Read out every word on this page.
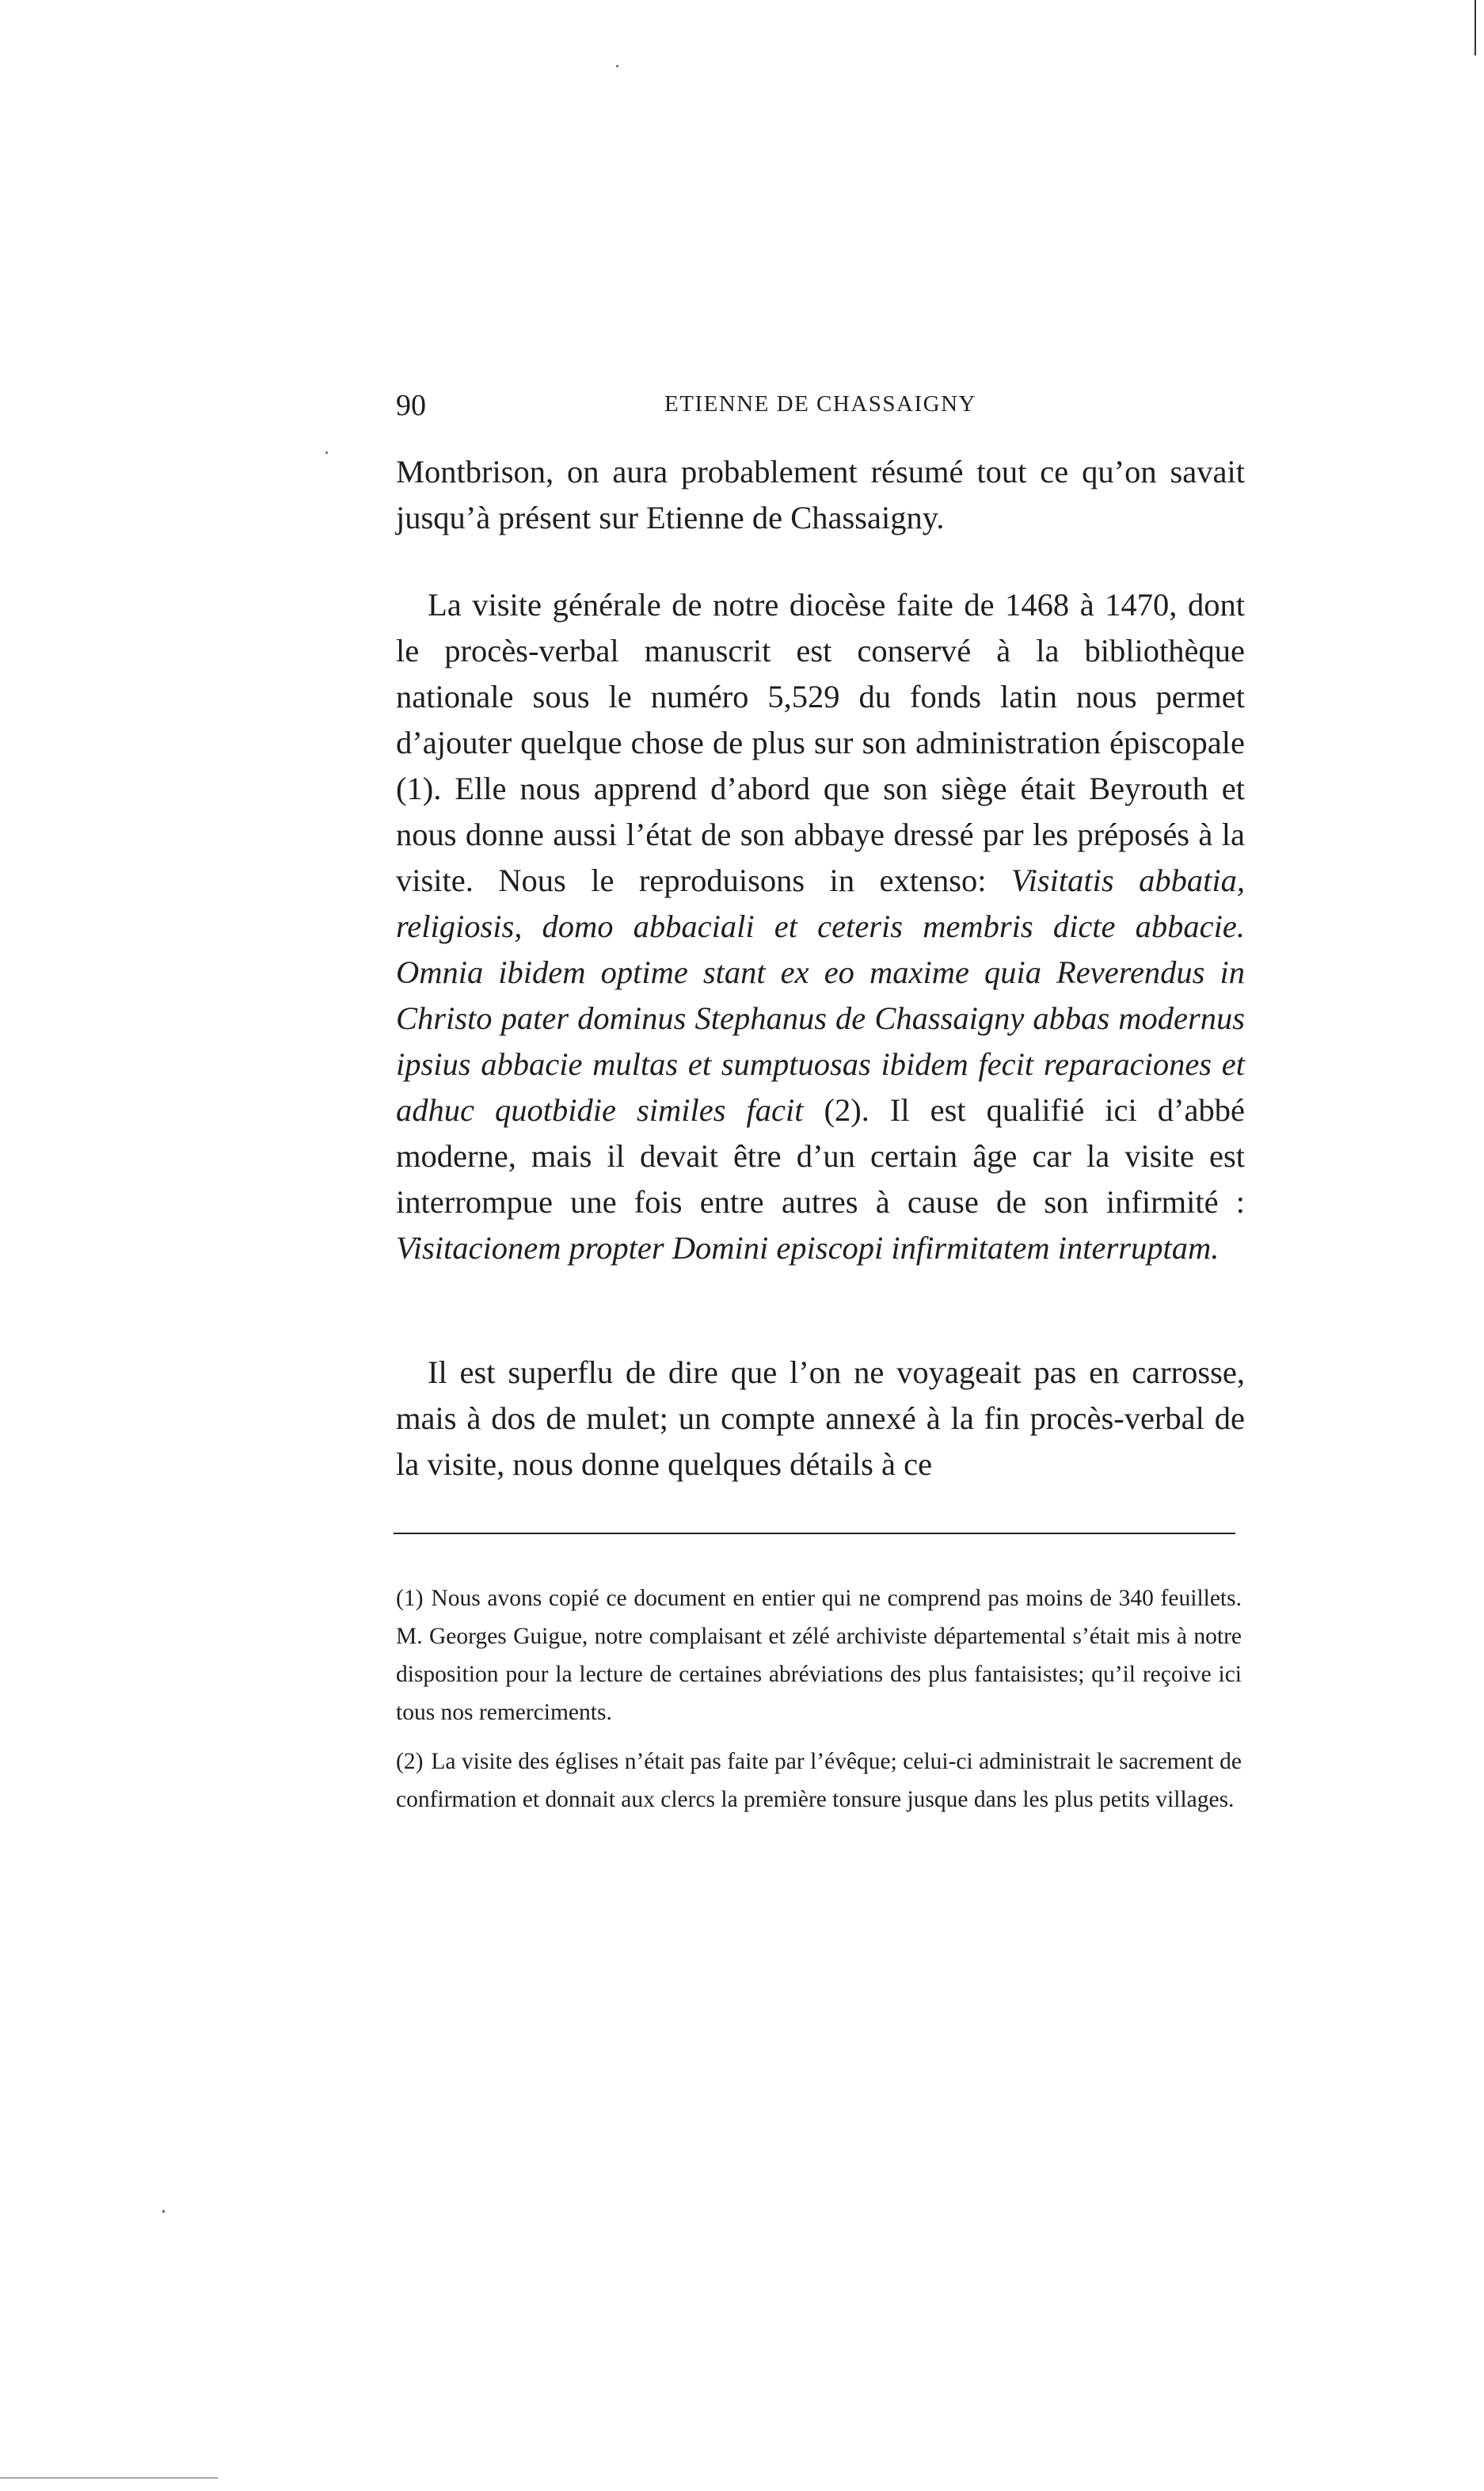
90	ETIENNE DE CHASSAIGNY

Montbrison, on aura probablement résumé tout ce qu’on savait jusqu’à présent sur Etienne de Chassaigny.

La visite générale de notre diocèse faite de 1468 à 1470, dont le procès-verbal manuscrit est conservé à la bibliothèque nationale sous le numéro 5,529 du fonds latin nous permet d’ajouter quelque chose de plus sur son administration épiscopale (1). Elle nous apprend d’abord que son siège était Beyrouth et nous donne aussi l’état de son abbaye dressé par les préposés à la visite. Nous le reproduisons in extenso: Visitatis abbatia, religiosis, domo abbaciali et ceteris membris dicte abbacie. Omnia ibidem optime stant ex eo maxime quia Reverendus in Christo pater dominus Stephanus de Chassaigny abbas modernus ipsius abbacie multas et sumptuosas ibidem fecit reparaciones et adhuc quotbidie similes facit (2). Il est qualifié ici d’abbé moderne, mais il devait être d’un certain âge car la visite est interrompue une fois entre autres à cause de son infirmité : Visitacionem propter Domini episcopi infirmitatem interruptam.

Il est superflu de dire que l’on ne voyageait pas en carrosse, mais à dos de mulet; un compte annexé à la fin procès-verbal de la visite, nous donne quelques détails à ce

(1) Nous avons copié ce document en entier qui ne comprend pas moins de 340 feuillets. M. Georges Guigue, notre complaisant et zélé archiviste départemental s’était mis à notre disposition pour la lecture de certaines abréviations des plus fantaisistes; qu’il reçoive ici tous nos remerciments.

(2) La visite des églises n’était pas faite par l’évêque; celui-ci administrait le sacrement de confirmation et donnait aux clercs la première tonsure jusque dans les plus petits villages.
